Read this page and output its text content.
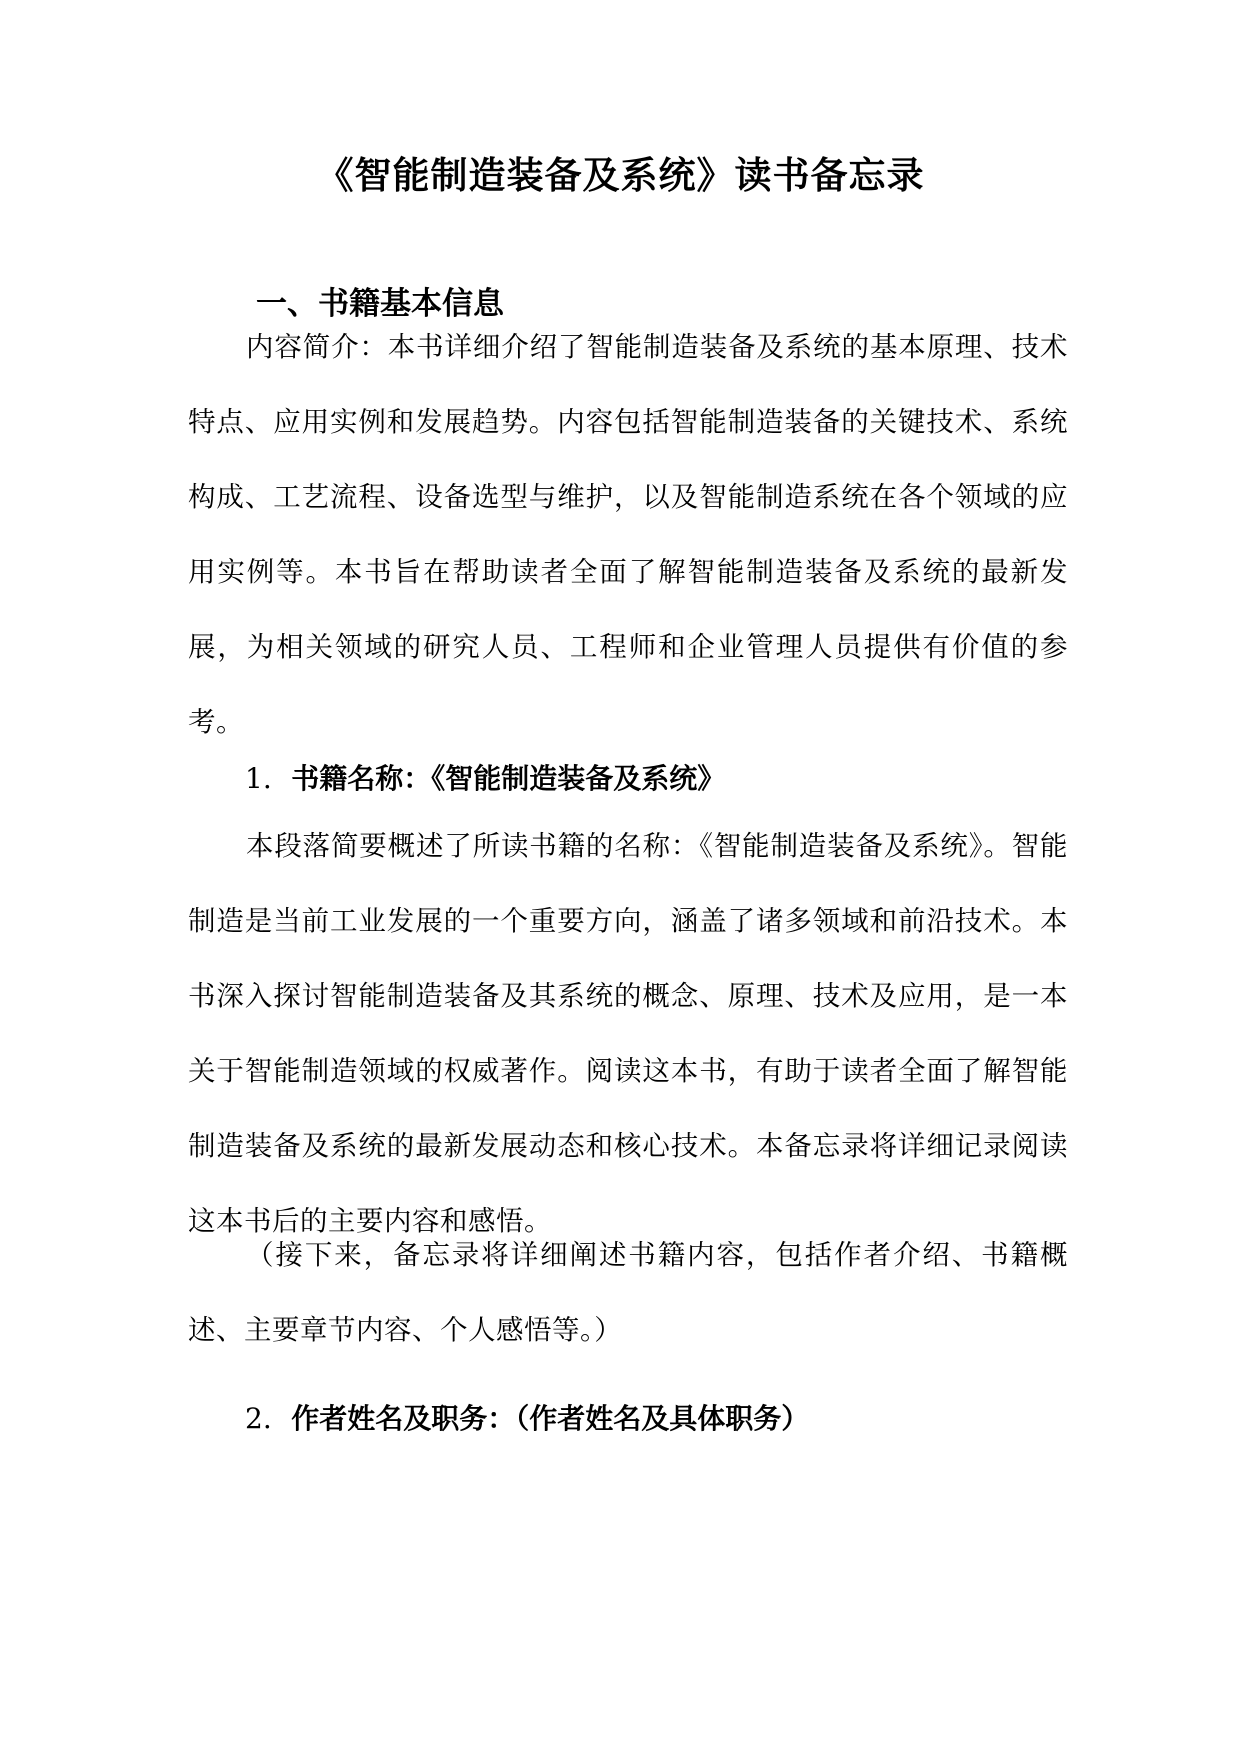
《智能制造装备及系统》读书备忘录
一、书籍基本信息
内容简介：本书详细介绍了智能制造装备及系统的基本原理、技术特点、应用实例和发展趋势。内容包括智能制造装备的关键技术、系统构成、工艺流程、设备选型与维护，以及智能制造系统在各个领域的应用实例等。本书旨在帮助读者全面了解智能制造装备及系统的最新发展，为相关领域的研究人员、工程师和企业管理人员提供有价值的参考。
1. 书籍名称：《智能制造装备及系统》
本段落简要概述了所读书籍的名称：《智能制造装备及系统》。智能制造是当前工业发展的一个重要方向，涵盖了诸多领域和前沿技术。本书深入探讨智能制造装备及其系统的概念、原理、技术及应用，是一本关于智能制造领域的权威著作。阅读这本书，有助于读者全面了解智能制造装备及系统的最新发展动态和核心技术。本备忘录将详细记录阅读这本书后的主要内容和感悟。
（接下来，备忘录将详细阐述书籍内容，包括作者介绍、书籍概述、主要章节内容、个人感悟等。）
2. 作者姓名及职务：（作者姓名及具体职务）
